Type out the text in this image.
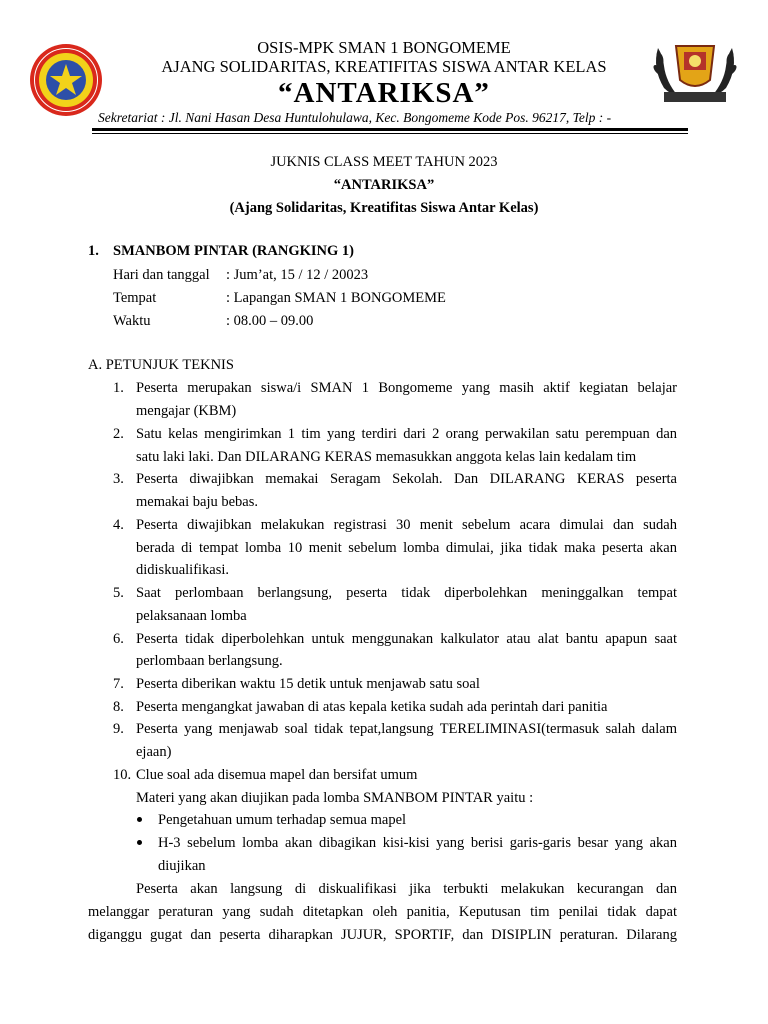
OSIS-MPK SMAN 1 BONGOMEME
AJANG SOLIDARITAS, KREATIFITAS SISWA ANTAR KELAS
“ANTARIKSA”
Sekretariat : Jl. Nani Hasan Desa Huntulohulawa, Kec. Bongomeme Kode Pos. 96217, Telp : -
JUKNIS CLASS MEET TAHUN 2023
“ANTARIKSA”
(Ajang Solidaritas, Kreatifitas Siswa Antar Kelas)
1. SMANBOM PINTAR (RANGKING 1)
Hari dan tanggal : Jum’at, 15 / 12 / 20023
Tempat	: Lapangan SMAN 1 BONGOMEME
Waktu	: 08.00 – 09.00
A. PETUNJUK TEKNIS
1. Peserta merupakan siswa/i SMAN 1 Bongomeme yang masih aktif kegiatan belajar
mengajar (KBM)
2. Satu kelas mengirimkan 1 tim yang terdiri dari 2 orang perwakilan satu perempuan dan
satu laki laki. Dan DILARANG KERAS memasukkan anggota kelas lain kedalam tim
3. Peserta diwajibkan memakai Seragam Sekolah. Dan DILARANG KERAS peserta
memakai baju bebas.
4. Peserta diwajibkan melakukan registrasi 30 menit sebelum acara dimulai dan sudah
berada di tempat lomba 10 menit sebelum lomba dimulai, jika tidak maka peserta akan
didiskualifikasi.
5. Saat perlombaan berlangsung, peserta tidak diperbolehkan meninggalkan tempat
pelaksanaan lomba
6. Peserta tidak diperbolehkan untuk menggunakan kalkulator atau alat bantu apapun saat
perlombaan berlangsung.
7. Peserta diberikan waktu 15 detik untuk menjawab satu soal
8. Peserta mengangkat jawaban di atas kepala ketika sudah ada perintah dari panitia
9. Peserta yang menjawab soal tidak tepat,langsung TERELIMINASI(termasuk salah dalam
ejaan)
10. Clue soal ada disemua mapel dan bersifat umum
Materi yang akan diujikan pada lomba SMANBOM PINTAR yaitu :
Pengetahuan umum terhadap semua mapel
H-3 sebelum lomba akan dibagikan kisi-kisi yang berisi garis-garis besar yang akan
diujikan
Peserta akan langsung di diskualifikasi jika terbukti melakukan kecurangan dan
melanggar peraturan yang sudah ditetapkan oleh panitia, Keputusan tim penilai tidak dapat
diganggu gugat dan peserta diharapkan JUJUR, SPORTIF, dan DISIPLIN peraturan. Dilarang
